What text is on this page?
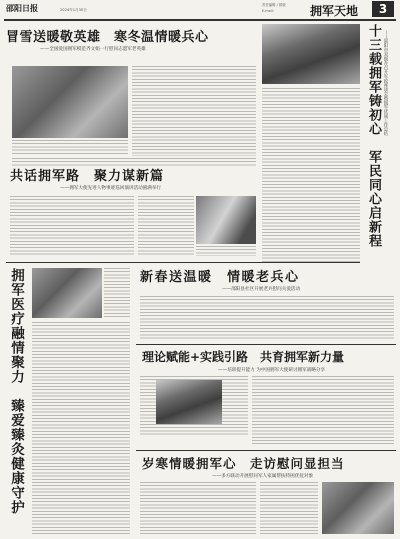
邵阳日报	2024年1月30日
责任编辑 / 排版
E-mail:	拥军天地	3
冒雪送暖敬英雄　寒冬温情暖兵心
——全国爱国拥军模范齐文娟一行慰问志愿军老英雄	十三载拥军铸初心　军民同心启新程 ——邵阳市双拥办召开军政座谈会暨拥军优属工作总结
共话拥军路　聚力谋新篇
——拥军大使先进人物事迹巡回演讲活动圆满举行
拥军医疗融情聚力　臻爱臻灸健康守护	新春送温暖　情暖老兵心
——邵阳县社区开展老兵慰问关爱活动
理论赋能+实践引路　共育拥军新力量
——培训提升能力 为中国拥军大使研讨拥军战略分享
岁寒情暖拥军心　走访慰问显担当
——多方联动开展慰问军人家属帮扶特困优抚对象
